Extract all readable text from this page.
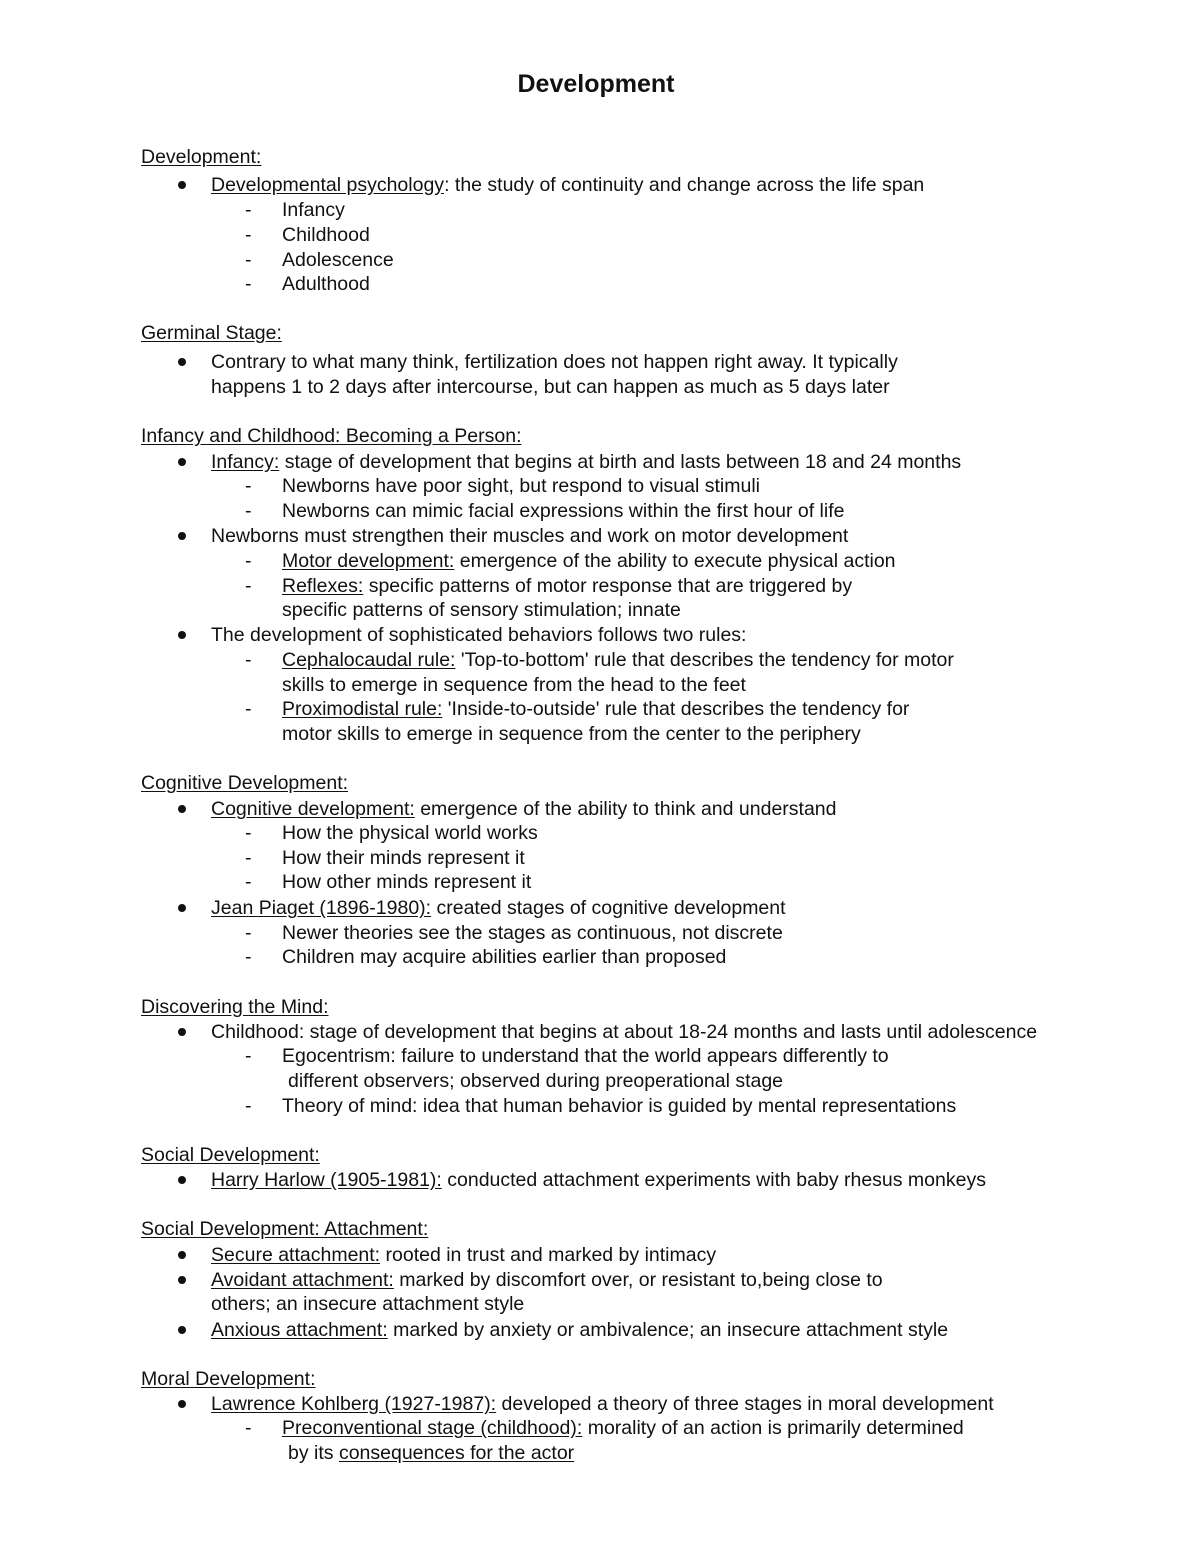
Development
Development:
Developmental psychology: the study of continuity and change across the life span
- Infancy
- Childhood
- Adolescence
- Adulthood
Germinal Stage:
Contrary to what many think, fertilization does not happen right away. It typically
happens 1 to 2 days after intercourse, but can happen as much as 5 days later
Infancy and Childhood: Becoming a Person:
Infancy: stage of development that begins at birth and lasts between 18 and 24 months
- Newborns have poor sight, but respond to visual stimuli
- Newborns can mimic facial expressions within the first hour of life
Newborns must strengthen their muscles and work on motor development
- Motor development: emergence of the ability to execute physical action
- Reflexes: specific patterns of motor response that are triggered by
specific patterns of sensory stimulation; innate
The development of sophisticated behaviors follows two rules:
- Cephalocaudal rule: 'Top-to-bottom' rule that describes the tendency for motor
skills to emerge in sequence from the head to the feet
- Proximodistal rule: 'Inside-to-outside' rule that describes the tendency for
motor skills to emerge in sequence from the center to the periphery
Cognitive Development:
Cognitive development: emergence of the ability to think and understand
- How the physical world works
- How their minds represent it
- How other minds represent it
Jean Piaget (1896-1980): created stages of cognitive development
- Newer theories see the stages as continuous, not discrete
- Children may acquire abilities earlier than proposed
Discovering the Mind:
Childhood: stage of development that begins at about 18-24 months and lasts until adolescence
- Egocentrism: failure to understand that the world appears differently to
different observers; observed during preoperational stage
- Theory of mind: idea that human behavior is guided by mental representations
Social Development:
Harry Harlow (1905-1981): conducted attachment experiments with baby rhesus monkeys
Social Development: Attachment:
Secure attachment: rooted in trust and marked by intimacy
Avoidant attachment: marked by discomfort over, or resistant to,being close to
others; an insecure attachment style
Anxious attachment: marked by anxiety or ambivalence; an insecure attachment style
Moral Development:
Lawrence Kohlberg (1927-1987): developed a theory of three stages in moral development
- Preconventional stage (childhood): morality of an action is primarily determined
by its consequences for the actor
